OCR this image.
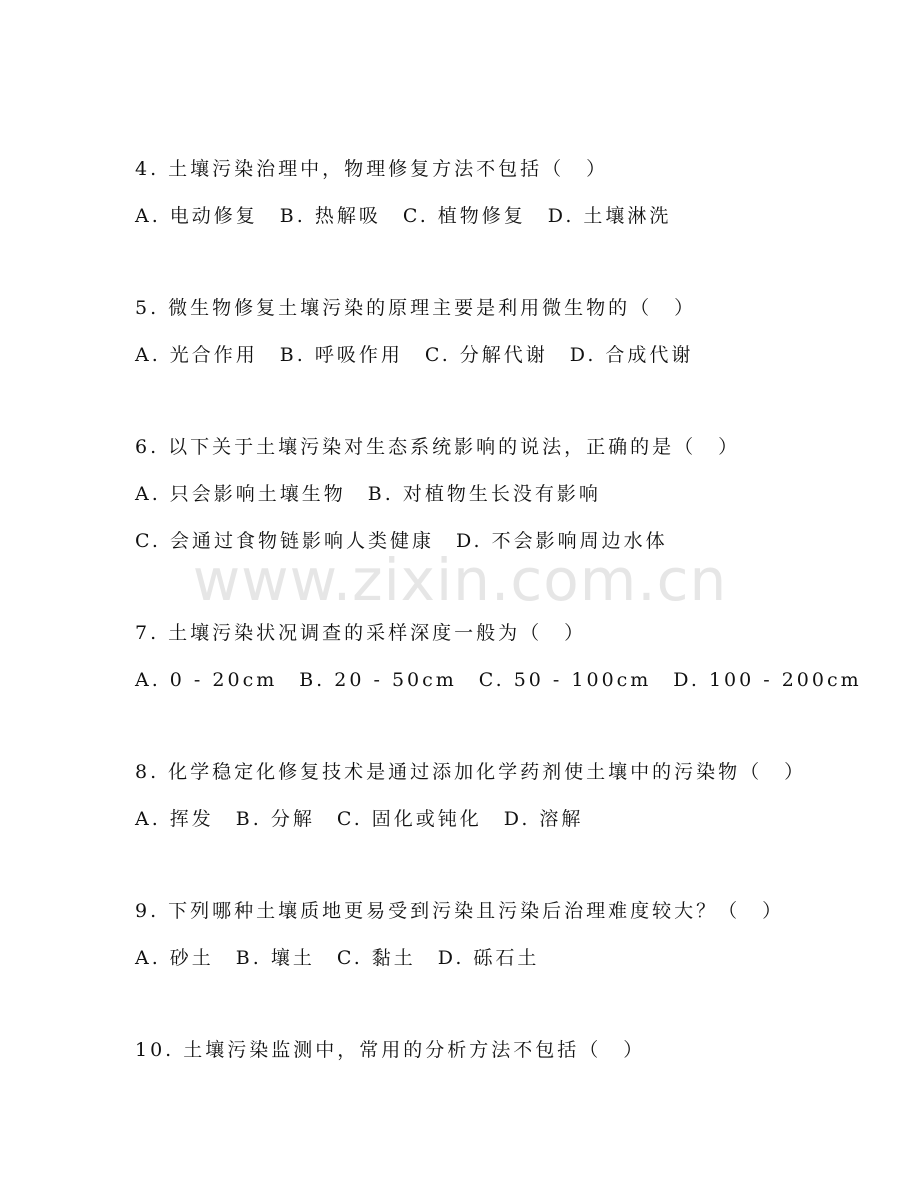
www.zixin.com.cn
4. 土壤污染治理中，物理修复方法不包括（　）
A. 电动修复　B. 热解吸　C. 植物修复　D. 土壤淋洗
5. 微生物修复土壤污染的原理主要是利用微生物的（　）
A. 光合作用　B. 呼吸作用　C. 分解代谢　D. 合成代谢
6. 以下关于土壤污染对生态系统影响的说法，正确的是（　）
A. 只会影响土壤生物　B. 对植物生长没有影响
C. 会通过食物链影响人类健康　D. 不会影响周边水体
7. 土壤污染状况调查的采样深度一般为（　）
A. 0 - 20cm　B. 20 - 50cm　C. 50 - 100cm　D. 100 - 200cm
8. 化学稳定化修复技术是通过添加化学药剂使土壤中的污染物（　）
A. 挥发　B. 分解　C. 固化或钝化　D. 溶解
9. 下列哪种土壤质地更易受到污染且污染后治理难度较大？（　）
A. 砂土　B. 壤土　C. 黏土　D. 砾石土
10. 土壤污染监测中，常用的分析方法不包括（　）
